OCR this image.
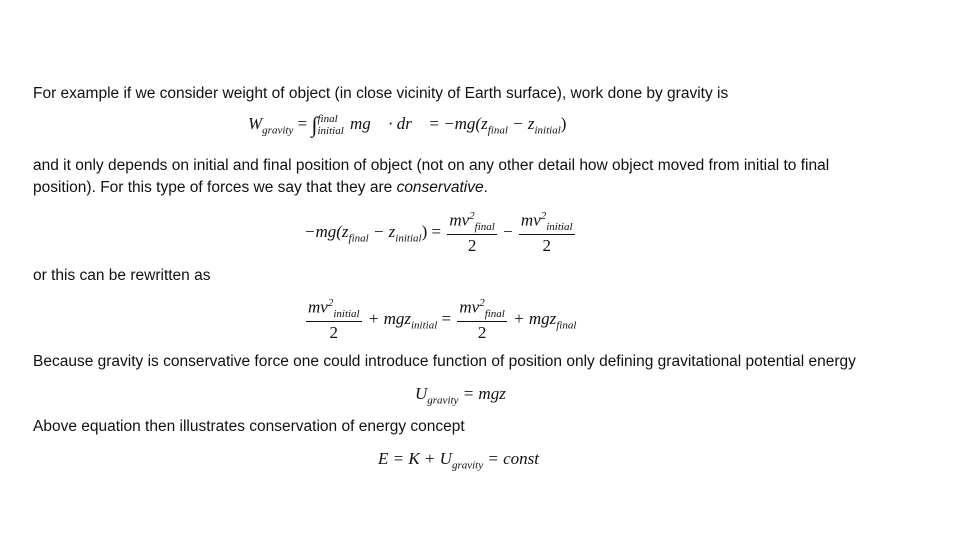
For example if we consider weight of object (in close vicinity of Earth surface), work done by gravity is
$W_{gravity}$ = ∫ final
initial mg⃗ · dr⃗ = $-mg(z_{final} - z_{initial})$
and it only depends on initial and final position of object (not on any other detail how object moved from initial to final
position). For this type of forces we say that they are conservative.
$-mg(z_{final} - z_{initial}) = \frac{mv^2_{final}}{2} - \frac{mv^2_{initial}}{2}$
or this can be rewritten as
$\frac{mv^2_{initial}}{2} + mgz_{initial} = \frac{mv^2_{final}}{2} + mgz_{final}$
Because gravity is conservative force one could introduce function of position only defining gravitational potential energy
$U_{gravity}$ = mgz
Above equation then illustrates conservation of energy concept
$E = K + U_{gravity}$ = const
